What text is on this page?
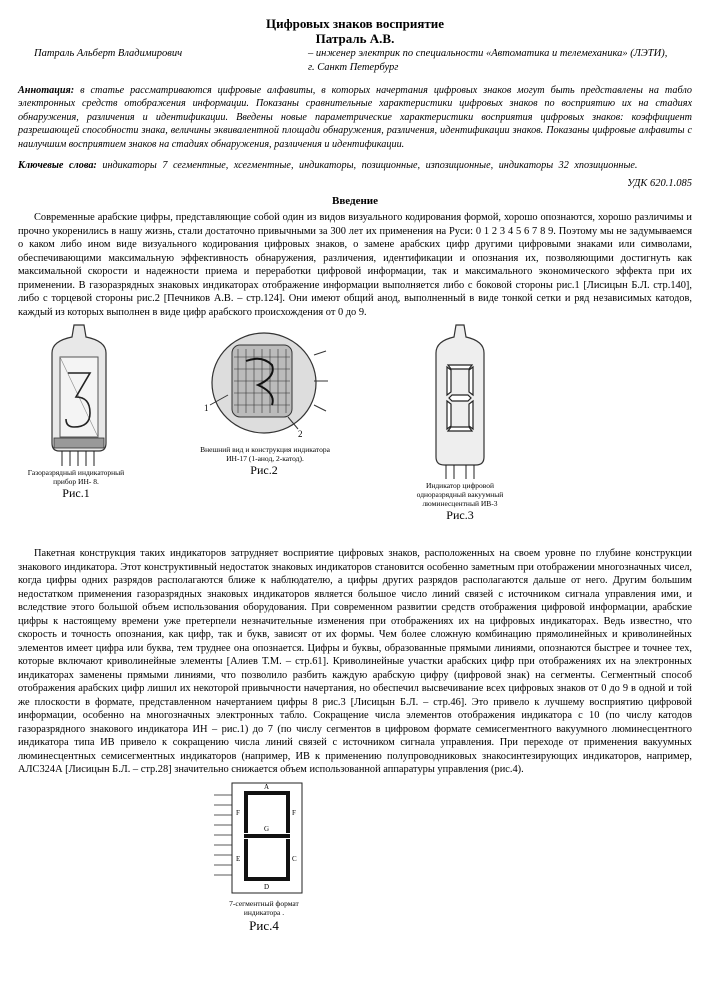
Цифровых знаков восприятие
Патраль А.В.
Патраль Альберт Владимирович	– инженер электрик по специальности «Автоматика и телемеханика» (ЛЭТИ),
г. Санкт Петербург
Аннотация: в статье рассматриваются цифровые алфавиты, в которых начертания цифровых знаков могут быть представлены на табло электронных средств отображения информации. Показаны сравнительные характеристики цифровых знаков по восприятию их на стадиях обнаружения, различения и идентификации. Введены новые параметрические характеристики восприятия цифровых знаков: коэффициент разрешающей способности знака, величины эквивалентной площади обнаружения, различения, идентификации знаков. Показаны цифровые алфавиты с наилучшим восприятием знаков на стадиях обнаружения, различения и идентификации.
Ключевые слова: индикаторы 7 сегментные, хсегментные, индикаторы, позиционные, изпозиционные, индикаторы 32 хпозиционные.
УДК 620.1.085
Введение

Современные арабские цифры, представляющие собой один из видов визуального кодирования формой, хорошо опознаются, хорошо различимы и прочно укоренились в нашу жизнь, стали достаточно привычными за 300 лет их применения на Руси: 0 1 2 3 4 5 6 7 8 9. Поэтому мы не задумываемся о каком либо ином виде визуального кодирования цифровых знаков, о замене арабских цифр другими цифровыми знаками или символами, обеспечивающими максимальную эффективность обнаружения, различения, идентификации и опознания их, позволяющими достигнуть как максимальной скорости и надежности приема и переработки цифровой информации, так и максимального экономического эффекта при их применении. В газоразрядных знаковых индикаторах отображение информации выполняется либо с боковой стороны рис.1 [Лисицын Б.Л. стр.140], либо с торцевой стороны рис.2 [Печников А.В. – стр.124]. Они имеют общий анод, выполненный в виде тонкой сетки и ряд независимых катодов, каждый из которых выполнен в виде цифр арабского происхождения от 0 до 9.

Газоразрядный индикаторный прибор ИН- 8.
Рис.1
1
2
Внешний вид и конструкция индикатора ИН-17 (1-анод, 2-катод).
Рис.2
Индикатор цифровой одноразрядный вакуумный люминесцентный ИВ-3
Рис.3

Пакетная конструкция таких индикаторов затрудняет восприятие цифровых знаков, расположенных на своем уровне по глубине конструкции знакового индикатора. Этот конструктивный недостаток знаковых индикаторов становится особенно заметным при отображении многозначных чисел, когда цифры одних разрядов располагаются ближе к наблюдателю, а цифры других разрядов располагаются дальше от него. Другим большим недостатком применения газоразрядных знаковых индикаторов является большое число линий связей с источником сигнала управления ими, и вследствие этого большой объем использования оборудования. При современном развитии средств отображения цифровой информации, арабские цифры к настоящему времени уже претерпели незначительные изменения при отображениях их на цифровых индикаторах. Ведь известно, что скорость и точность опознания, как цифр, так и букв, зависят от их формы. Чем более сложную комбинацию прямолинейных и криволинейных элементов имеет цифра или буква, тем труднее она опознается. Цифры и буквы, образованные прямыми линиями, опознаются быстрее и точнее тех, которые включают криволинейные элементы [Алиев Т.М. – стр.61]. Криволинейные участки арабских цифр при отображениях их на электронных индикаторах заменены прямыми линиями, что позволило разбить каждую арабскую цифру (цифровой знак) на сегменты. Сегментный способ отображения арабских цифр лишил их некоторой привычности начертания, но обеспечил высвечивание всех цифровых знаков от 0 до 9 в одной и той же плоскости в формате, представленном начертанием цифры 8 рис.3 [Лисицын Б.Л. – стр.46]. Это привело к лучшему восприятию цифровой информации, особенно на многозначных электронных табло. Сокращение числа элементов отображения индикатора с 10 (по числу катодов газоразрядного знакового индикатора ИН – рис.1) до 7 (по числу сегментов в цифровом формате семисегментного вакуумного люминесцентного индикатора типа ИВ привело к сокращению числа линий связей с источником сигнала управления. При переходе от применения вакуумных люминесцентных семисегментных индикаторов (например, ИВ к применению полупроводниковых знакосинтезирующих индикаторов, например, АЛС324А [Лисицын Б.Л. – стр.28] значительно снижается объем использованной аппаратуры управления (рис.4).

A
F
C
D
E
F
G
7-сегментный формат индикатора .
Рис.4
